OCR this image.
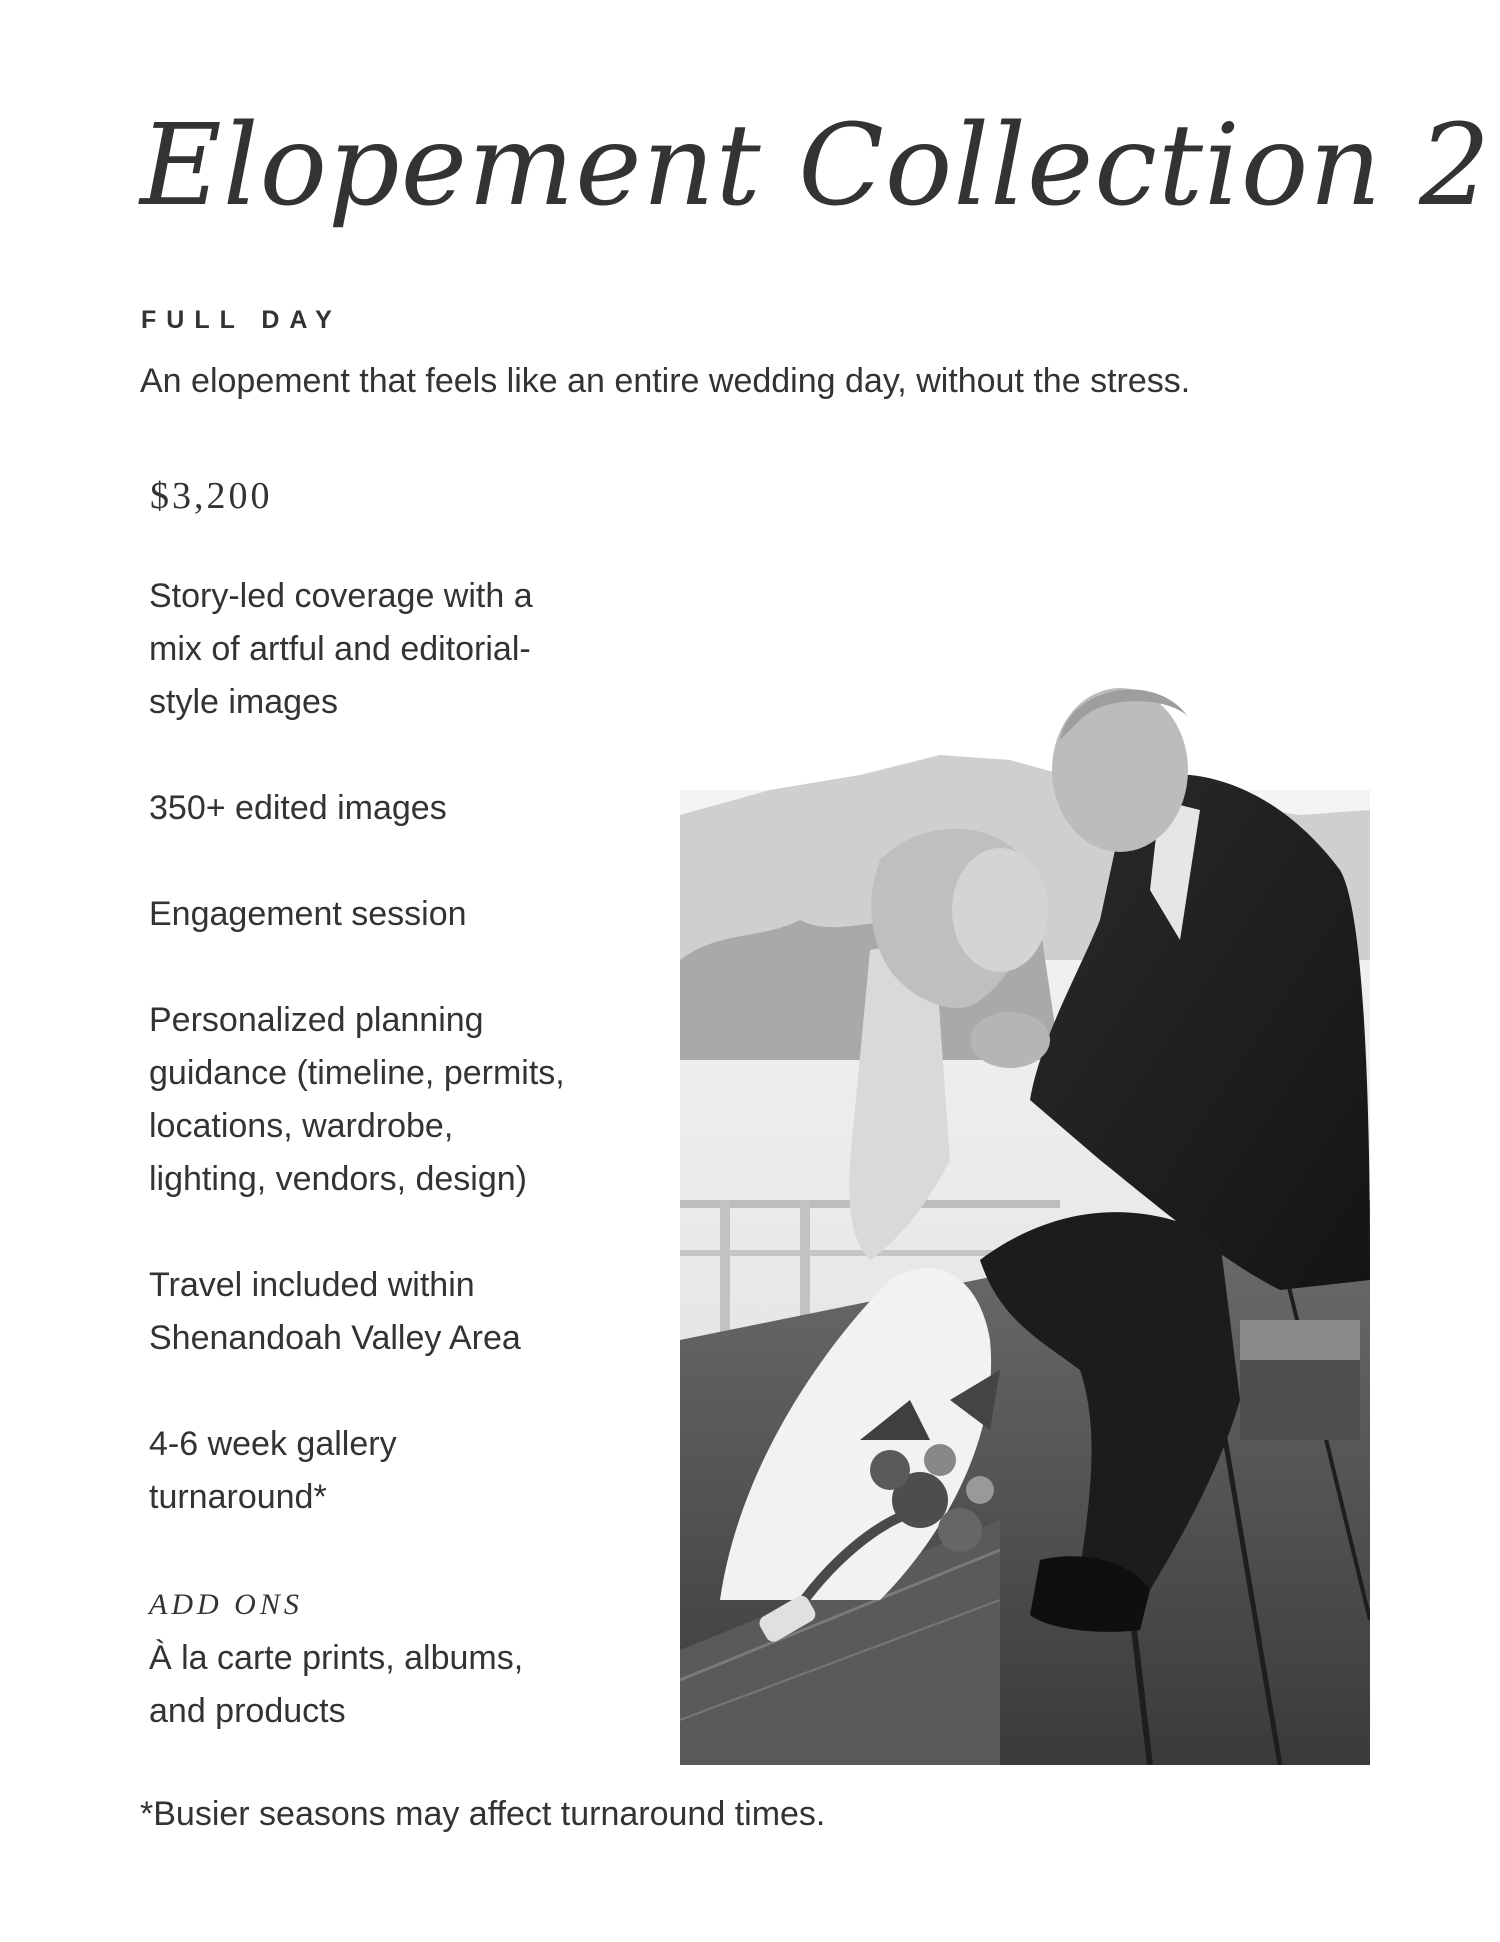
Elopement Collection 2
FULL DAY
An elopement that feels like an entire wedding day, without the stress.
$3,200
Story-led coverage with a
mix of artful and editorial-
style images
350+ edited images
Engagement session
Personalized planning
guidance (timeline, permits,
locations, wardrobe,
lighting, vendors, design)
Travel included within
Shenandoah Valley Area
4-6 week gallery
turnaround*
ADD ONS
À la carte prints, albums,
and products
*Busier seasons may affect turnaround times.
